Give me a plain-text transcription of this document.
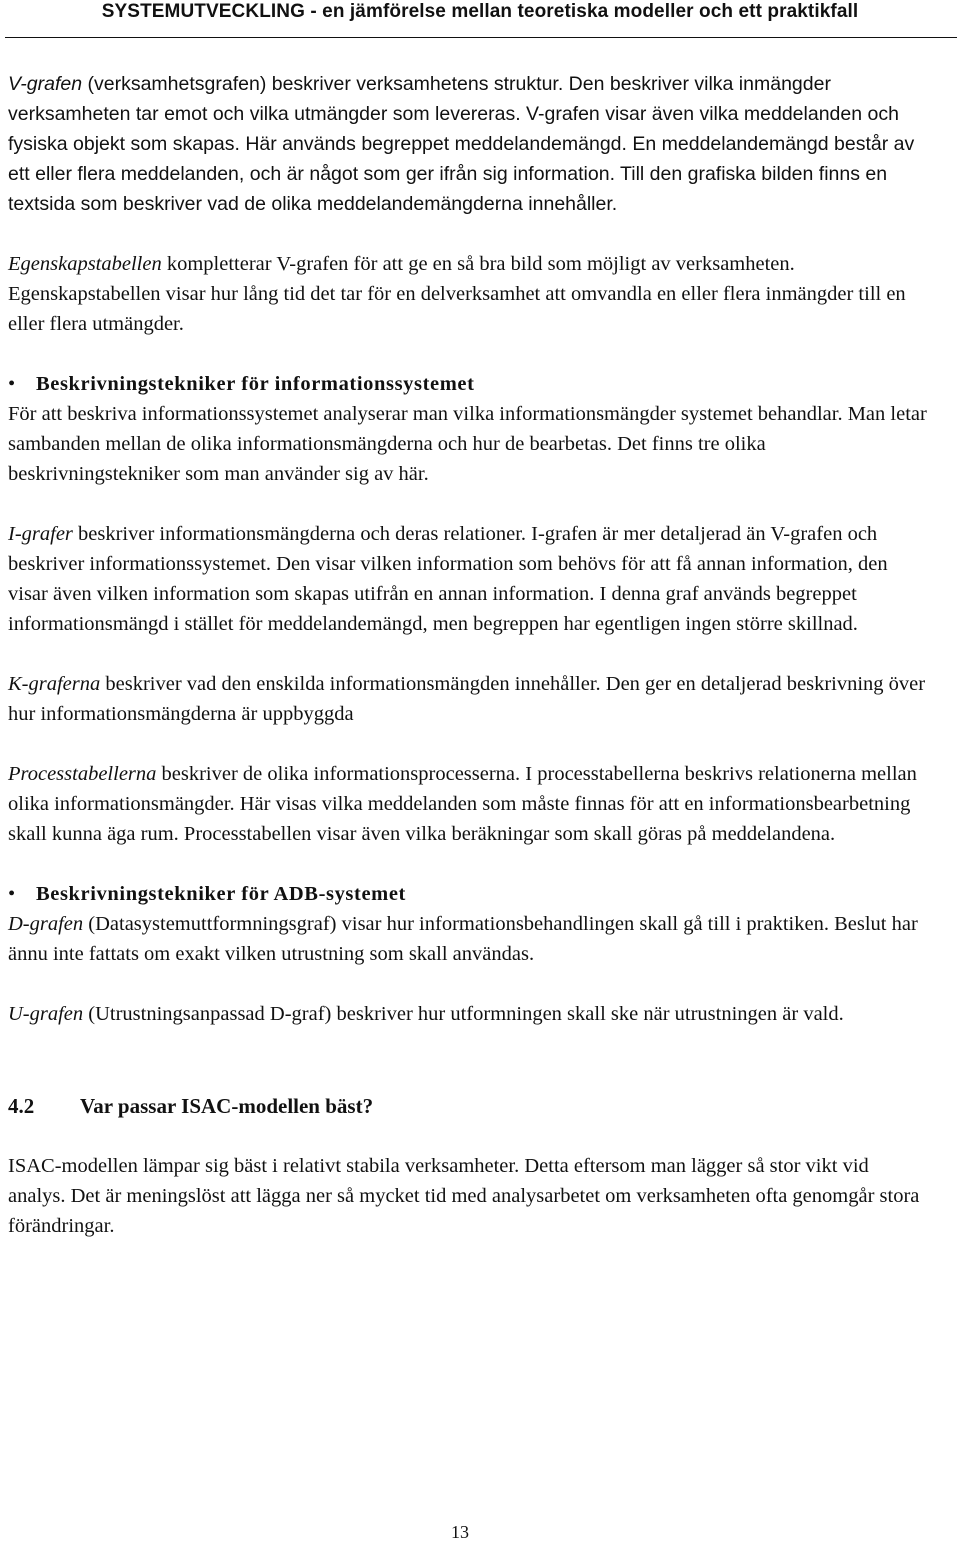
SYSTEMUTVECKLING - en jämförelse mellan teoretiska modeller och ett praktikfall

V-grafen (verksamhetsgrafen) beskriver verksamhetens struktur. Den beskriver vilka inmängder verksamheten tar emot och vilka utmängder som levereras. V-grafen visar även vilka meddelanden och fysiska objekt som skapas. Här används begreppet meddelandemängd. En meddelandemängd består av ett eller flera meddelanden, och är något som ger ifrån sig information. Till den grafiska bilden finns en textsida som beskriver vad de olika meddelandemängderna innehåller.

Egenskapstabellen kompletterar V-grafen för att ge en så bra bild som möjligt av verksamheten. Egenskapstabellen visar hur lång tid det tar för en delverksamhet att omvandla en eller flera inmängder till en eller flera utmängder.

• Beskrivningstekniker för informationssystemet

För att beskriva informationssystemet analyserar man vilka informationsmängder systemet behandlar. Man letar sambanden mellan de olika informationsmängderna och hur de bearbetas. Det finns tre olika beskrivningstekniker som man använder sig av här.

I-grafer beskriver informationsmängderna och deras relationer. I-grafen är mer detaljerad än V-grafen och beskriver informationssystemet. Den visar vilken information som behövs för att få annan information, den visar även vilken information som skapas utifrån en annan information. I denna graf används begreppet informationsmängd i stället för meddelandemängd, men begreppen har egentligen ingen större skillnad.

K-graferna beskriver vad den enskilda informationsmängden innehåller. Den ger en detaljerad beskrivning över hur informationsmängderna är uppbyggda

Processtabellerna beskriver de olika informationsprocesserna. I processtabellerna beskrivs relationerna mellan olika informationsmängder. Här visas vilka meddelanden som måste finnas för att en informationsbearbetning skall kunna äga rum. Processtabellen visar även vilka beräkningar som skall göras på meddelandena.

• Beskrivningstekniker för ADB-systemet

D-grafen (Datasystemuttformningsgraf) visar hur informationsbehandlingen skall gå till i praktiken. Beslut har ännu inte fattats om exakt vilken utrustning som skall användas.

U-grafen (Utrustningsanpassad D-graf) beskriver hur utformningen skall ske när utrustningen är vald.

4.2 Var passar ISAC-modellen bäst?

ISAC-modellen lämpar sig bäst i relativt stabila verksamheter. Detta eftersom man lägger så stor vikt vid analys. Det är meningslöst att lägga ner så mycket tid med analysarbetet om verksamheten ofta genomgår stora förändringar.

13
